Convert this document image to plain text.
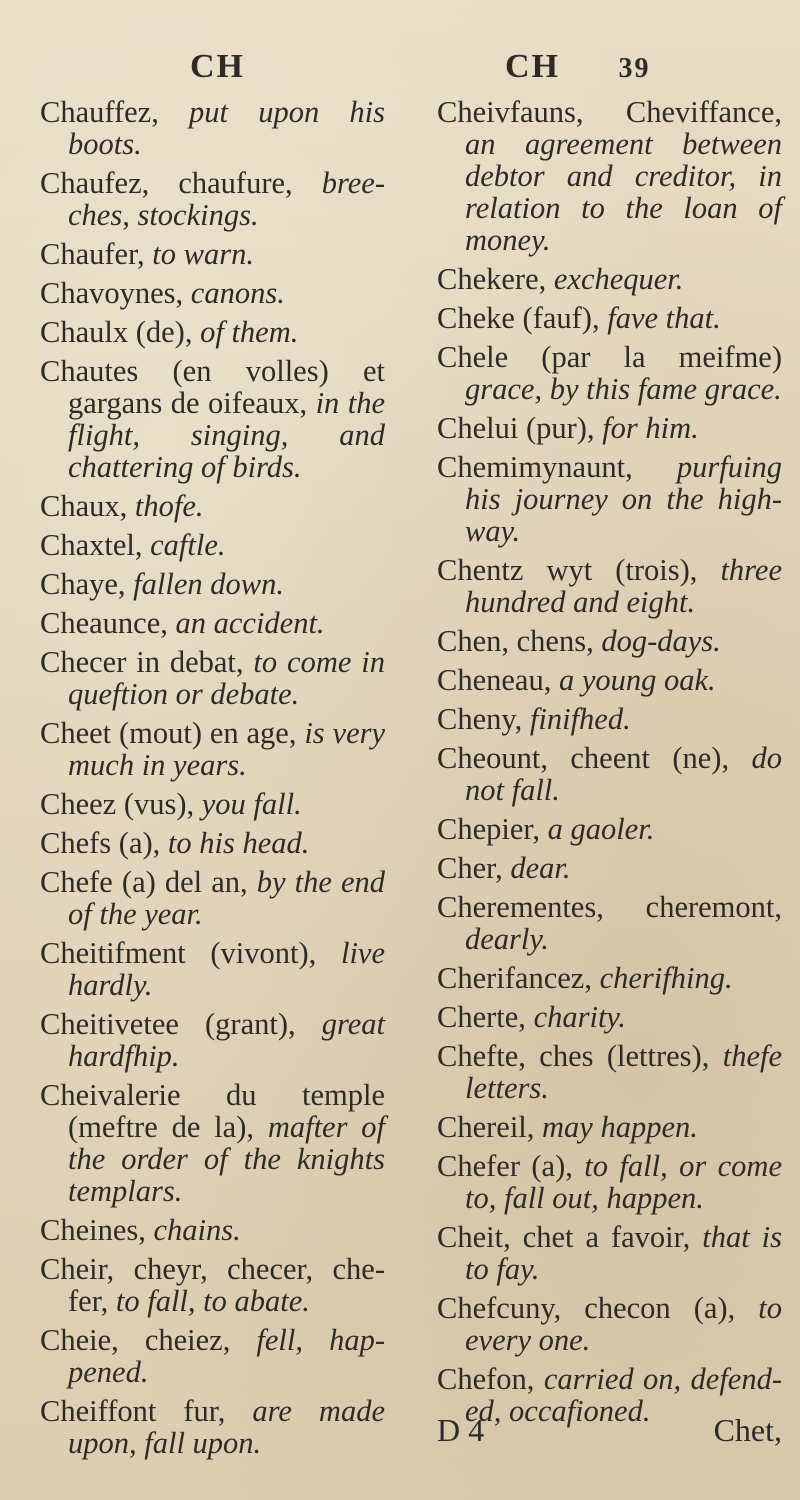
CH	CH 39
Chauffez, put upon his boots.
Chaufez, chaufure, bree-ches, stockings.
Chaufer, to warn.
Chavoynes, canons.
Chaulx (de), of them.
Chautes (en volles) et gargans de oifeaux, in the flight, singing, and chattering of birds.
Chaux, thofe.
Chaxtel, caftle.
Chaye, fallen down.
Cheaunce, an accident.
Checer in debat, to come in queftion or debate.
Cheet (mout) en age, is very much in years.
Cheez (vus), you fall.
Chefs (a), to his head.
Chefe (a) del an, by the end of the year.
Cheitifment (vivont), live hardly.
Cheitivetee (grant), great hardfhip.
Cheivalerie du temple (meftre de la), mafter of the order of the knights templars.
Cheines, chains.
Cheir, cheyr, checer, che-fer, to fall, to abate.
Cheie, cheiez, fell, hap-pened.
Cheiffont fur, are made upon, fall upon.
Cheivfauns, Cheviffance, an agreement between debtor and creditor, in relation to the loan of money.
Chekere, exchequer.
Cheke (fauf), fave that.
Chele (par la meifme) grace, by this fame grace.
Chelui (pur), for him.
Chemimynaunt, purfuing his journey on the high-way.
Chentz wyt (trois), three hundred and eight.
Chen, chens, dog-days.
Cheneau, a young oak.
Cheny, finifhed.
Cheount, cheent (ne), do not fall.
Chepier, a gaoler.
Cher, dear.
Cherementes, cheremont, dearly.
Cherifancez, cherifhing.
Cherte, charity.
Chefte, ches (lettres), thefe letters.
Chereil, may happen.
Chefer (a), to fall, or come to, fall out, happen.
Cheit, chet a favoir, that is to fay.
Chefcuny, checon (a), to every one.
Chefon, carried on, defend-ed, occafioned.
D 4	Chet,
